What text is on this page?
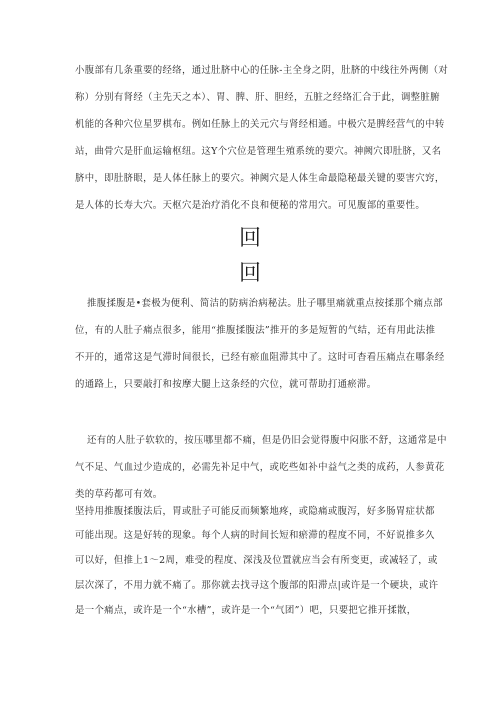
小腹部有几条重要的经络，通过肚脐中心的任脉-主全身之阴，肚脐的中线往外两侧（对
称）分别有肾经（主先天之本）、胃、脾、肝、胆经，五脏之经络汇合于此，调整脏腑
机能的各种穴位星罗棋布。例如任脉上的关元穴与肾经相通。中极穴是脾经营气的中转
站，曲骨穴是肝血运输枢纽。这Y个穴位是管理生殖系统的要穴。神阙穴即肚脐，又名
脐中，即肚脐眼，是人体任脉上的要穴。神阙穴是人体生命最隐秘最关键的要害穴窍，
是人体的长寿大穴。天枢穴是治疗消化不良和便秘的常用穴。可见腹部的重要性。
回
回
推腹揉腹是•套极为便利、简洁的防病治病秘法。肚子哪里痛就重点按揉那个痛点部
位，有的人肚子痛点很多，能用“推腹揉腹法”推开的多是短暂的气结，还有用此法推
不开的，通常这是气滞时间很长，已经有瘀血阻滞其中了。这时可杳看压痛点在哪条经
的通路上，只要敲打和按摩大腿上这条经的穴位，就可帮助打通瘀滞。
还有的人肚子软软的，按压哪里都不痛，但是仍旧会觉得腹中闷胀不舒，这通常是中
气不足、气血过少造成的，必需先补足中气，或吃些如补中益气之类的成药，人参黄花
类的草药都可有效。
坚持用推腹揉腹法后，胃或肚子可能反而频繁地疼，或隐痛或腹泻，好多肠胃症状都
可能出现。这是好转的现象。每个人病的时间长短和瘀滞的程度不同，不好说推多久
可以好，但推上1～2周，难受的程度、深浅及位置就应当会有所变更，或减轻了，或
层次深了，不用力就不痛了。那你就去找寻这个腹部的阳滞点|或许是一个硬块，或许
是一个痛点，或许是一个“水槽”，或许是一个“气团”）吧，只要把它推开揉散，
